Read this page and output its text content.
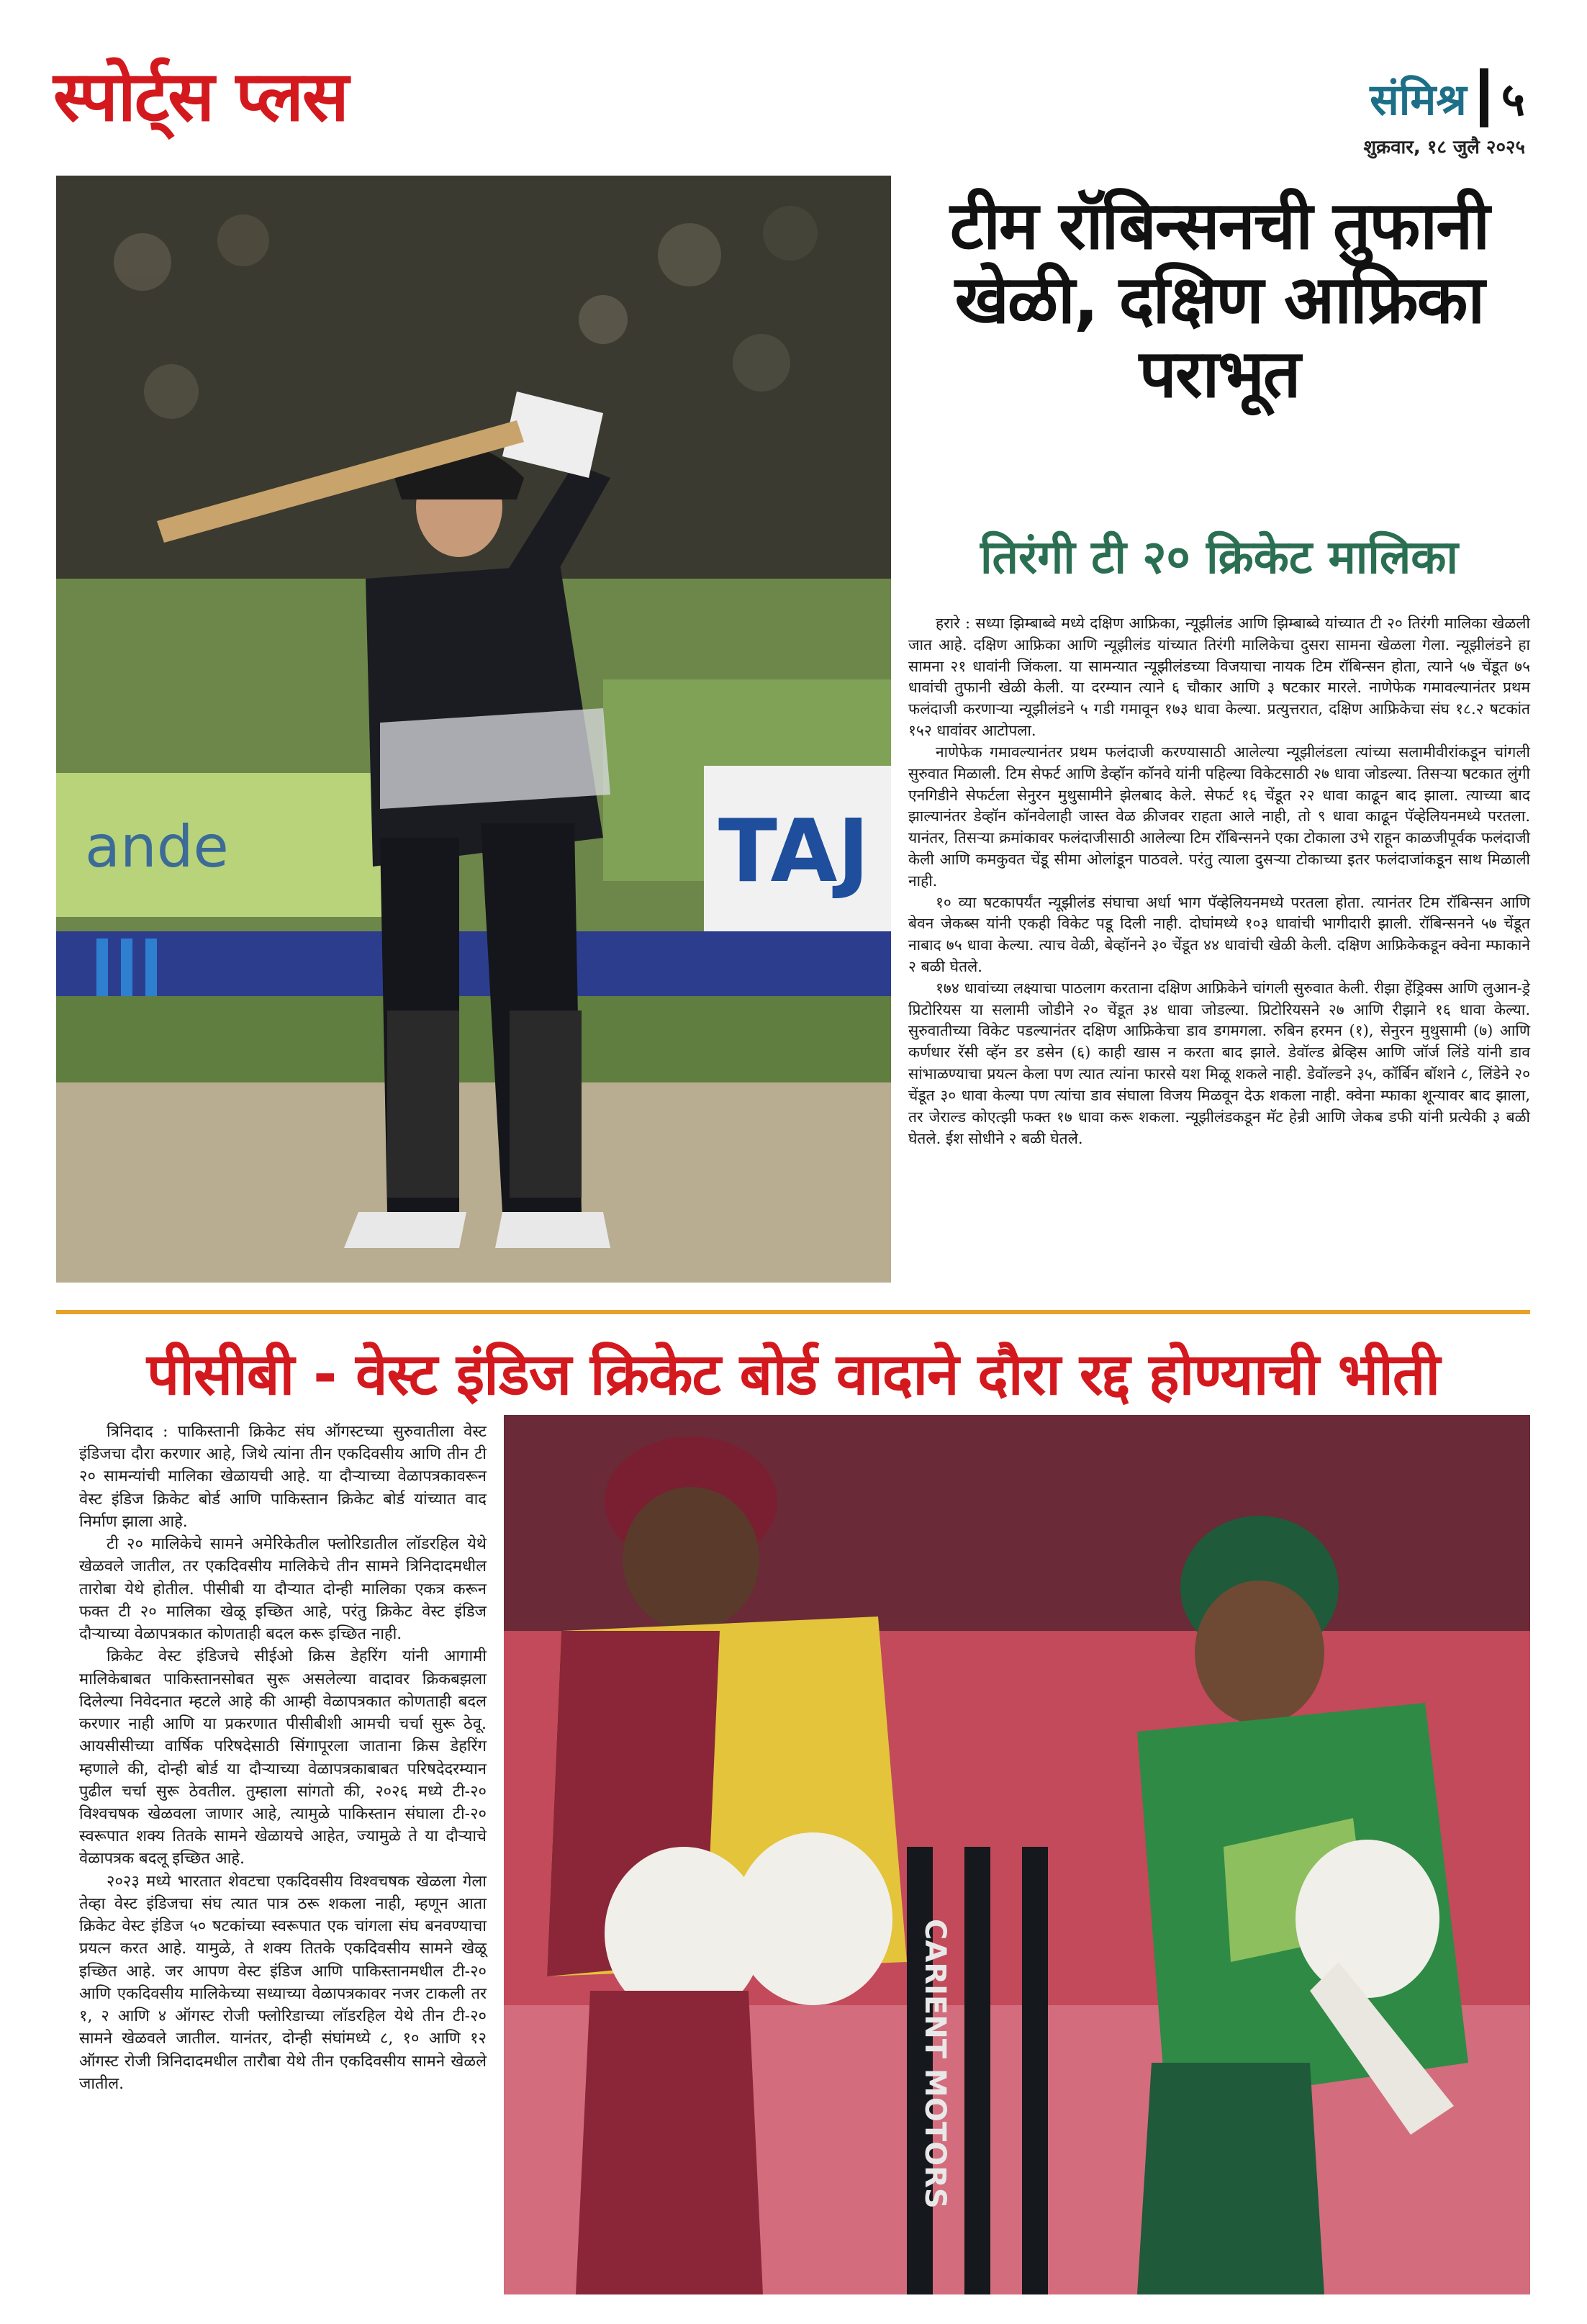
स्पोर्ट्स प्लस	संमिश्र ५
शुक्रवार, १८ जुलै २०२५
ande	TAJ
टीम रॉबिन्सनची तुफानी खेळी, दक्षिण आफ्रिका पराभूत
तिरंगी टी २० क्रिकेट मालिका

हरारे : सध्या झिम्बाब्वे मध्ये दक्षिण आफ्रिका, न्यूझीलंड आणि झिम्बाब्वे यांच्यात टी २० तिरंगी मालिका खेळली जात आहे. दक्षिण आफ्रिका आणि न्यूझीलंड यांच्यात तिरंगी मालिकेचा दुसरा सामना खेळला गेला. न्यूझीलंडने हा सामना २१ धावांनी जिंकला. या सामन्यात न्यूझीलंडच्या विजयाचा नायक टिम रॉबिन्सन होता, त्याने ५७ चेंडूत ७५ धावांची तुफानी खेळी केली. या दरम्यान त्याने ६ चौकार आणि ३ षटकार मारले. नाणेफेक गमावल्यानंतर प्रथम फलंदाजी करणाऱ्या न्यूझीलंडने ५ गडी गमावून १७३ धावा केल्या. प्रत्युत्तरात, दक्षिण आफ्रिकेचा संघ १८.२ षटकांत १५२ धावांवर आटोपला.

नाणेफेक गमावल्यानंतर प्रथम फलंदाजी करण्यासाठी आलेल्या न्यूझीलंडला त्यांच्या सलामीवीरांकडून चांगली सुरुवात मिळाली. टिम सेफर्ट आणि डेव्हॉन कॉनवे यांनी पहिल्या विकेटसाठी २७ धावा जोडल्या. तिसऱ्या षटकात लुंगी एनगिडीने सेफर्टला सेनुरन मुथुसामीने झेलबाद केले. सेफर्ट १६ चेंडूत २२ धावा काढून बाद झाला. त्याच्या बाद झाल्यानंतर डेव्हॉन कॉनवेलाही जास्त वेळ क्रीजवर राहता आले नाही, तो ९ धावा काढून पॅव्हेलियनमध्ये परतला. यानंतर, तिसऱ्या क्रमांकावर फलंदाजीसाठी आलेल्या टिम रॉबिन्सनने एका टोकाला उभे राहून काळजीपूर्वक फलंदाजी केली आणि कमकुवत चेंडू सीमा ओलांडून पाठवले. परंतु त्याला दुसऱ्या टोकाच्या इतर फलंदाजांकडून साथ मिळाली नाही.

१० व्या षटकापर्यंत न्यूझीलंड संघाचा अर्धा भाग पॅव्हेलियनमध्ये परतला होता. त्यानंतर टिम रॉबिन्सन आणि बेवन जेकब्स यांनी एकही विकेट पडू दिली नाही. दोघांमध्ये १०३ धावांची भागीदारी झाली. रॉबिन्सनने ५७ चेंडूत नाबाद ७५ धावा केल्या. त्याच वेळी, बेव्हॉनने ३० चेंडूत ४४ धावांची खेळी केली. दक्षिण आफ्रिकेकडून क्वेना म्फाकाने २ बळी घेतले.

१७४ धावांच्या लक्ष्याचा पाठलाग करताना दक्षिण आफ्रिकेने चांगली सुरुवात केली. रीझा हेंड्रिक्स आणि लुआन-ड्रे प्रिटोरियस या सलामी जोडीने २० चेंडूत ३४ धावा जोडल्या. प्रिटोरियसने २७ आणि रीझाने १६ धावा केल्या. सुरुवातीच्या विकेट पडल्यानंतर दक्षिण आफ्रिकेचा डाव डगमगला. रुबिन हरमन (१), सेनुरन मुथुसामी (७) आणि कर्णधार रॅसी व्हॅन डर डसेन (६) काही खास न करता बाद झाले. डेवॉल्ड ब्रेव्हिस आणि जॉर्ज लिंडे यांनी डाव सांभाळण्याचा प्रयत्न केला पण त्यात त्यांना फारसे यश मिळू शकले नाही. डेवॉल्डने ३५, कॉर्बिन बॉशने ८, लिंडेने २० चेंडूत ३० धावा केल्या पण त्यांचा डाव संघाला विजय मिळवून देऊ शकला नाही. क्वेना म्फाका शून्यावर बाद झाला, तर जेराल्ड कोएत्झी फक्त १७ धावा करू शकला. न्यूझीलंडकडून मॅट हेन्री आणि जेकब डफी यांनी प्रत्येकी ३ बळी घेतले. ईश सोधीने २ बळी घेतले.

पीसीबी - वेस्ट इंडिज क्रिकेट बोर्ड वादाने दौरा रद्द होण्याची भीती

त्रिनिदाद : पाकिस्तानी क्रिकेट संघ ऑगस्टच्या सुरुवातीला वेस्ट इंडिजचा दौरा करणार आहे, जिथे त्यांना तीन एकदिवसीय आणि तीन टी २० सामन्यांची मालिका खेळायची आहे. या दौऱ्याच्या वेळापत्रकावरून वेस्ट इंडिज क्रिकेट बोर्ड आणि पाकिस्तान क्रिकेट बोर्ड यांच्यात वाद निर्माण झाला आहे.

टी २० मालिकेचे सामने अमेरिकेतील फ्लोरिडातील लॉडरहिल येथे खेळवले जातील, तर एकदिवसीय मालिकेचे तीन सामने त्रिनिदादमधील तारोबा येथे होतील. पीसीबी या दौऱ्यात दोन्ही मालिका एकत्र करून फक्त टी २० मालिका खेळू इच्छित आहे, परंतु क्रिकेट वेस्ट इंडिज दौऱ्याच्या वेळापत्रकात कोणताही बदल करू इच्छित नाही.

क्रिकेट वेस्ट इंडिजचे सीईओ क्रिस डेहरिंग यांनी आगामी मालिकेबाबत पाकिस्तानसोबत सुरू असलेल्या वादावर क्रिकबझला दिलेल्या निवेदनात म्हटले आहे की आम्ही वेळापत्रकात कोणताही बदल करणार नाही आणि या प्रकरणात पीसीबीशी आमची चर्चा सुरू ठेवू. आयसीसीच्या वार्षिक परिषदेसाठी सिंगापूरला जाताना क्रिस डेहरिंग म्हणाले की, दोन्ही बोर्ड या दौऱ्याच्या वेळापत्रकाबाबत परिषदेदरम्यान पुढील चर्चा सुरू ठेवतील. तुम्हाला सांगतो की, २०२६ मध्ये टी-२० विश्वचषक खेळवला जाणार आहे, त्यामुळे पाकिस्तान संघाला टी-२० स्वरूपात शक्य तितके सामने खेळायचे आहेत, ज्यामुळे ते या दौऱ्याचे वेळापत्रक बदलू इच्छित आहे.

२०२३ मध्ये भारतात शेवटचा एकदिवसीय विश्वचषक खेळला गेला तेव्हा वेस्ट इंडिजचा संघ त्यात पात्र ठरू शकला नाही, म्हणून आता क्रिकेट वेस्ट इंडिज ५० षटकांच्या स्वरूपात एक चांगला संघ बनवण्याचा प्रयत्न करत आहे. यामुळे, ते शक्य तितके एकदिवसीय सामने खेळू इच्छित आहे. जर आपण वेस्ट इंडिज आणि पाकिस्तानमधील टी-२० आणि एकदिवसीय मालिकेच्या सध्याच्या वेळापत्रकावर नजर टाकली तर १, २ आणि ४ ऑगस्ट रोजी फ्लोरिडाच्या लॉडरहिल येथे तीन टी-२० सामने खेळवले जातील. यानंतर, दोन्ही संघांमध्ये ८, १० आणि १२ ऑगस्ट रोजी त्रिनिदादमधील तारौबा येथे तीन एकदिवसीय सामने खेळले जातील.	CARIENT MOTORS
